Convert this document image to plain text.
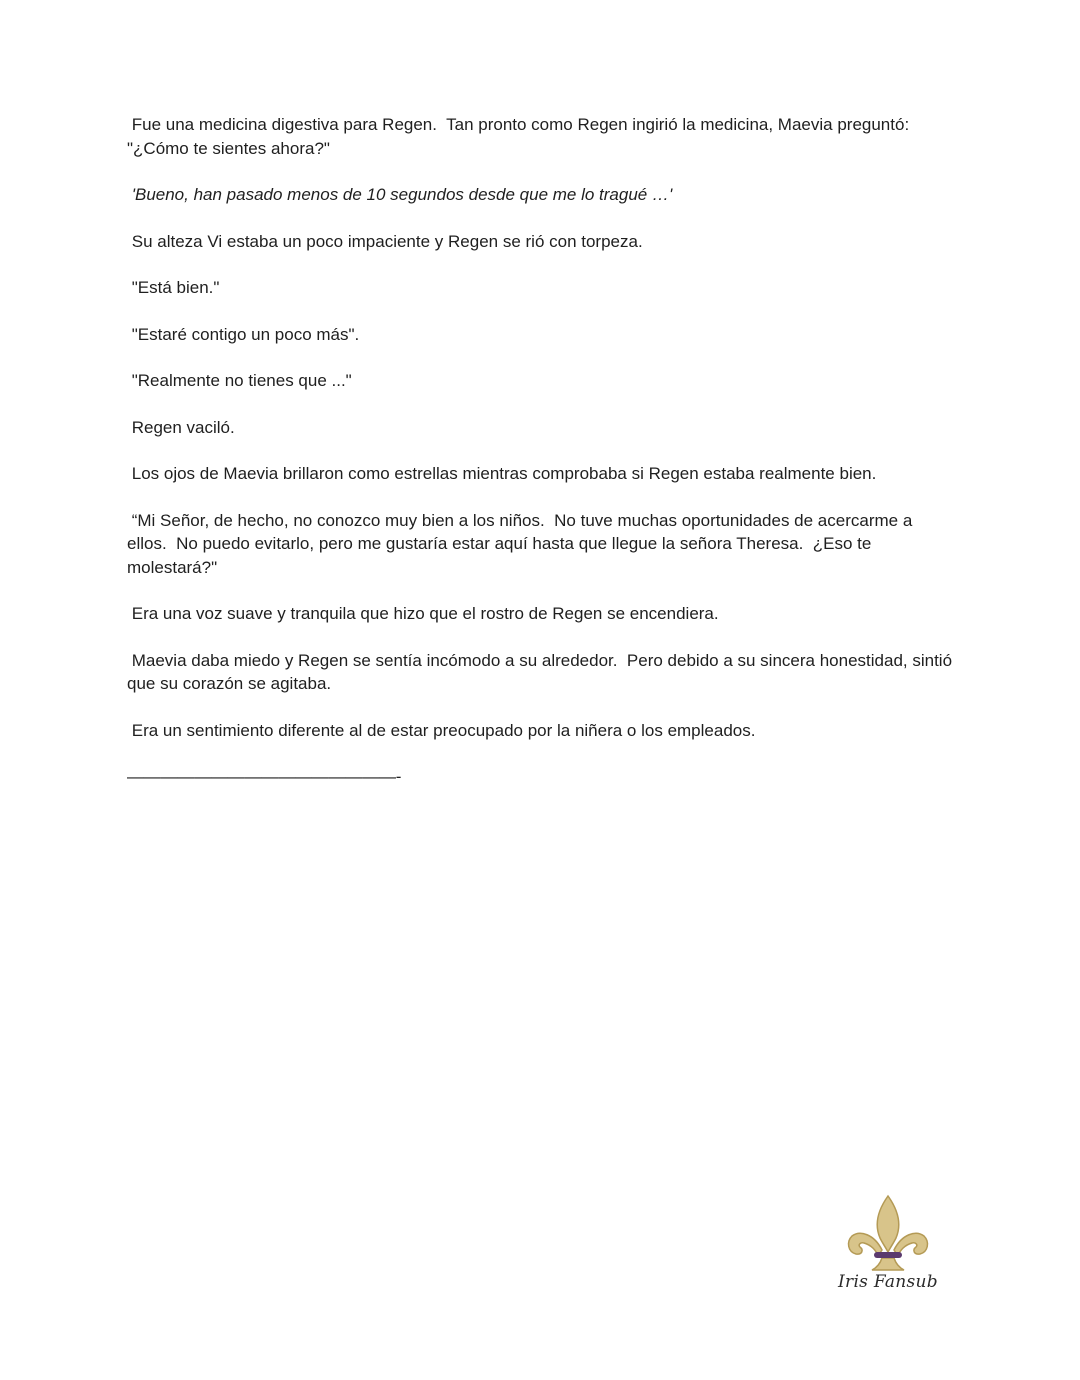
Fue una medicina digestiva para Regen.  Tan pronto como Regen ingirió la medicina, Maevia preguntó: "¿Cómo te sientes ahora?"

'Bueno, han pasado menos de 10 segundos desde que me lo tragué …'

Su alteza Vi estaba un poco impaciente y Regen se rió con torpeza.

"Está bien."

"Estaré contigo un poco más".

"Realmente no tienes que ..."

Regen vaciló.

Los ojos de Maevia brillaron como estrellas mientras comprobaba si Regen estaba realmente bien.

“Mi Señor, de hecho, no conozco muy bien a los niños.  No tuve muchas oportunidades de acercarme a ellos.  No puedo evitarlo, pero me gustaría estar aquí hasta que llegue la señora Theresa.  ¿Eso te molestará?"

Era una voz suave y tranquila que hizo que el rostro de Regen se encendiera.

Maevia daba miedo y Regen se sentía incómodo a su alrededor.  Pero debido a su sincera honestidad, sintió que su corazón se agitaba.

Era un sentimiento diferente al de estar preocupado por la niñera o los empleados.

————————————————-

Iris Fansub
